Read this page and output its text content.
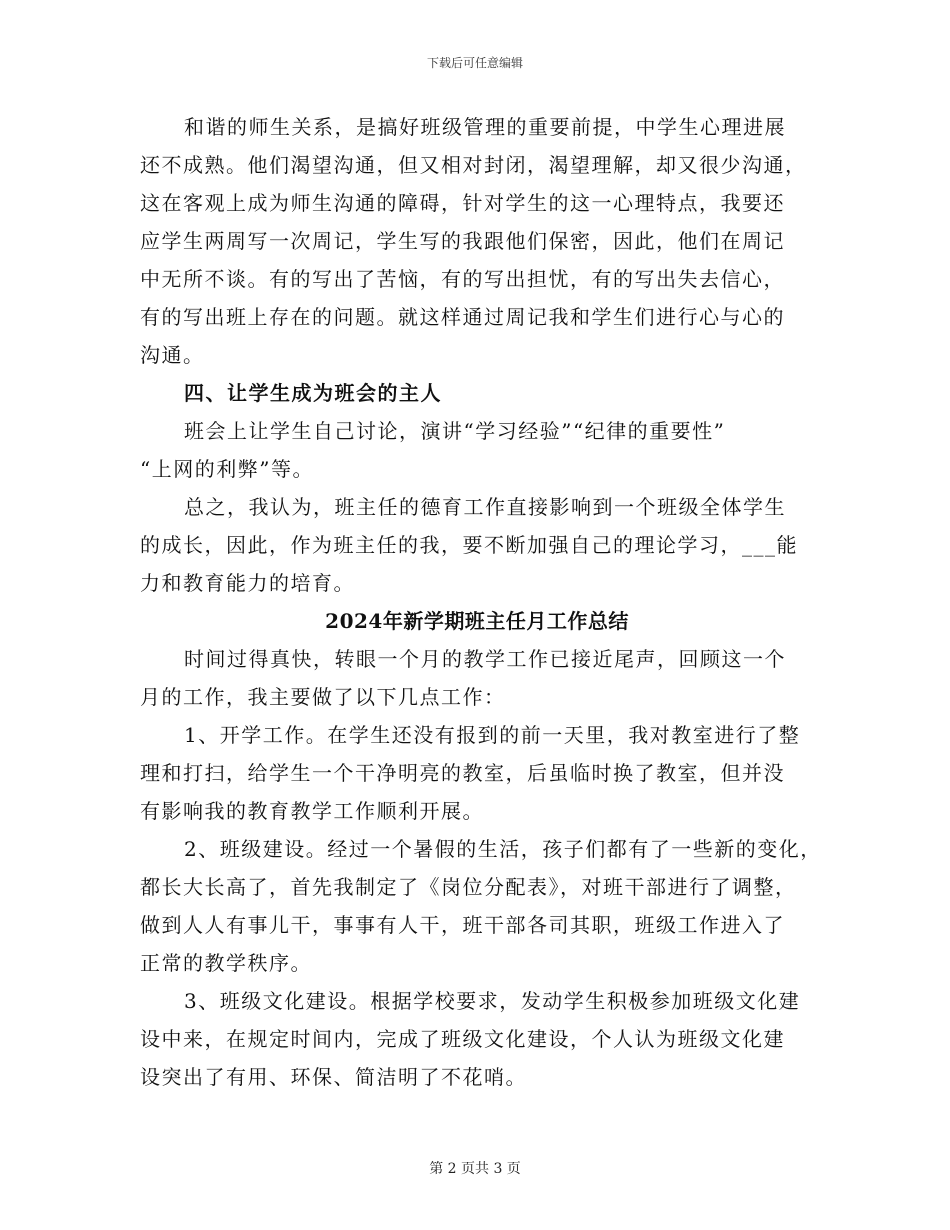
下载后可任意编辑
和谐的师生关系，是搞好班级管理的重要前提，中学生心理进展
还不成熟。他们渴望沟通，但又相对封闭，渴望理解，却又很少沟通，
这在客观上成为师生沟通的障碍，针对学生的这一心理特点，我要还
应学生两周写一次周记，学生写的我跟他们保密，因此，他们在周记
中无所不谈。有的写出了苦恼，有的写出担忧，有的写出失去信心，
有的写出班上存在的问题。就这样通过周记我和学生们进行心与心的
沟通。
四、让学生成为班会的主人
班会上让学生自己讨论，演讲“学习经验”“纪律的重要性”
“上网的利弊”等。
总之，我认为，班主任的德育工作直接影响到一个班级全体学生
的成长，因此，作为班主任的我，要不断加强自己的理论学习，___能
力和教育能力的培育。
2024年新学期班主任月工作总结
时间过得真快，转眼一个月的教学工作已接近尾声，回顾这一个
月的工作，我主要做了以下几点工作：
1、开学工作。在学生还没有报到的前一天里，我对教室进行了整
理和打扫，给学生一个干净明亮的教室，后虽临时换了教室，但并没
有影响我的教育教学工作顺利开展。
2、班级建设。经过一个暑假的生活，孩子们都有了一些新的变化，
都长大长高了，首先我制定了《岗位分配表》，对班干部进行了调整，
做到人人有事儿干，事事有人干，班干部各司其职，班级工作进入了
正常的教学秩序。
3、班级文化建设。根据学校要求，发动学生积极参加班级文化建
设中来，在规定时间内，完成了班级文化建设，个人认为班级文化建
设突出了有用、环保、简洁明了不花哨。
第 2 页共 3 页
